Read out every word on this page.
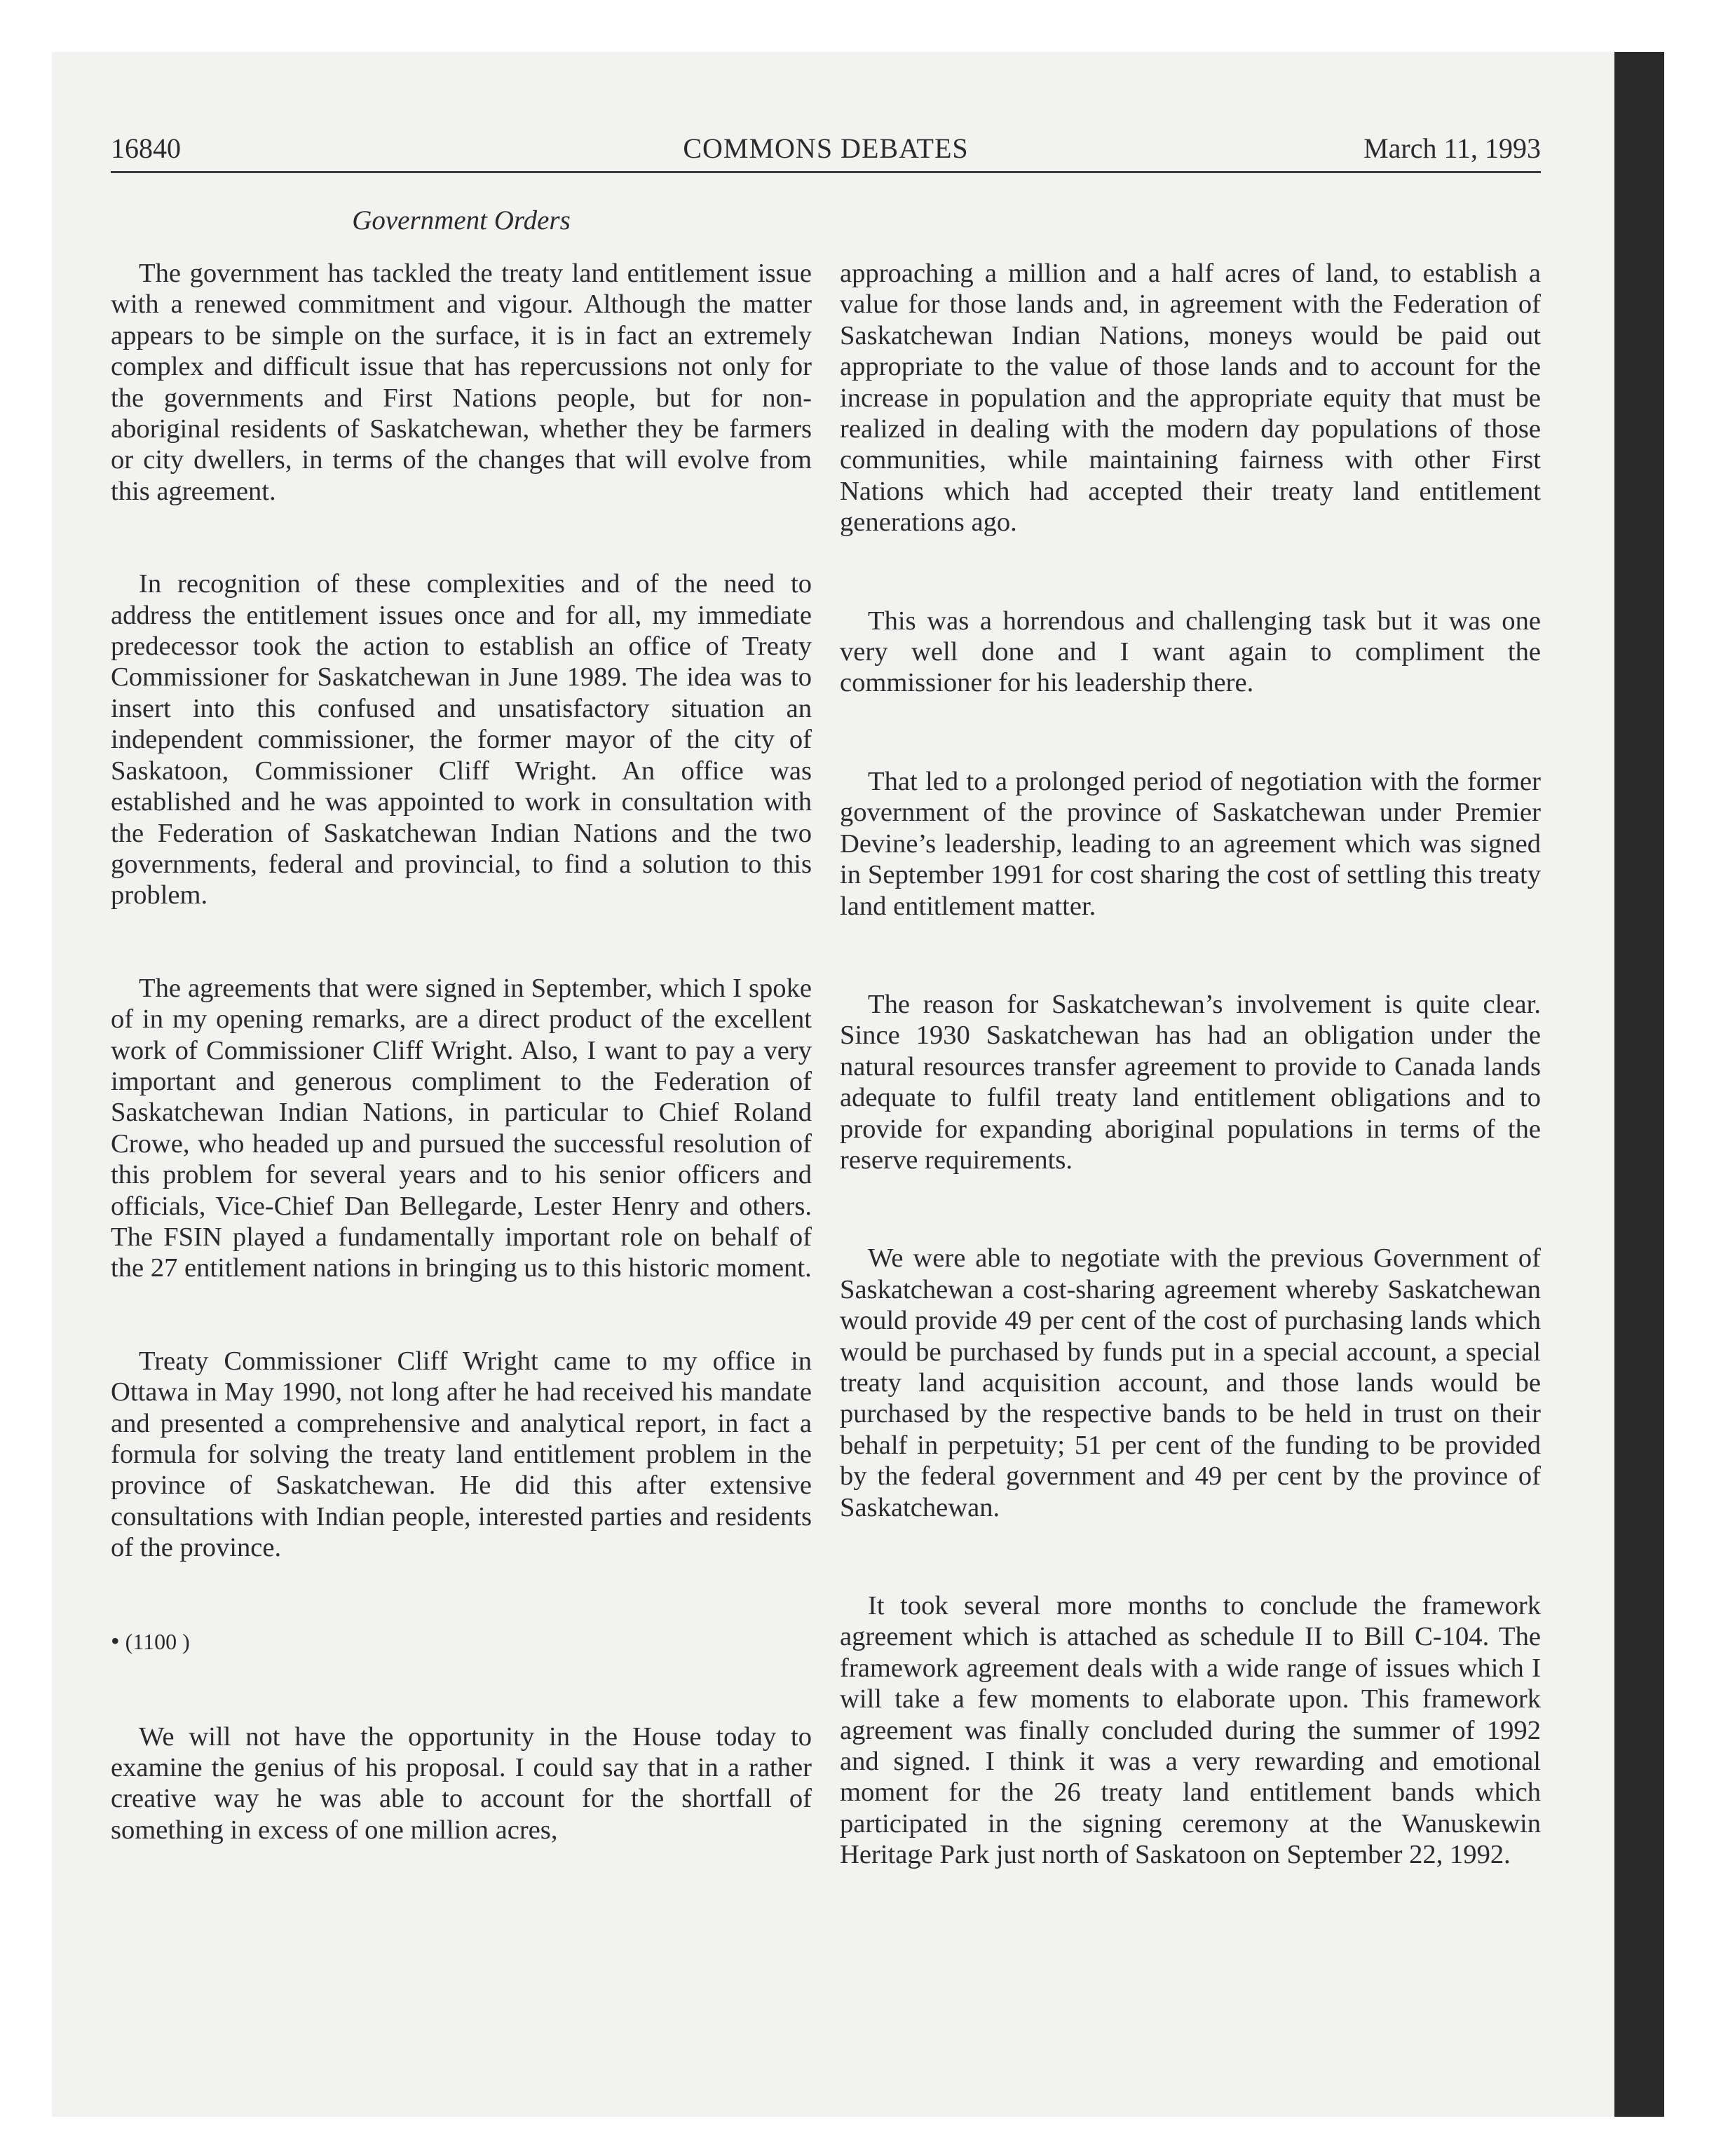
16840	COMMONS DEBATES	March 11, 1993
Government Orders

The government has tackled the treaty land entitlement issue with a renewed commitment and vigour. Although the matter appears to be simple on the surface, it is in fact an extremely complex and difficult issue that has repercussions not only for the governments and First Nations people, but for non-aboriginal residents of Saskatchewan, whether they be farmers or city dwellers, in terms of the changes that will evolve from this agreement.

In recognition of these complexities and of the need to address the entitlement issues once and for all, my immediate predecessor took the action to establish an office of Treaty Commissioner for Saskatchewan in June 1989. The idea was to insert into this confused and unsatisfactory situation an independent commissioner, the former mayor of the city of Saskatoon, Commissioner Cliff Wright. An office was established and he was appointed to work in consultation with the Federation of Saskatchewan Indian Nations and the two governments, federal and provincial, to find a solution to this problem.

The agreements that were signed in September, which I spoke of in my opening remarks, are a direct product of the excellent work of Commissioner Cliff Wright. Also, I want to pay a very important and generous compliment to the Federation of Saskatchewan Indian Nations, in particular to Chief Roland Crowe, who headed up and pursued the successful resolution of this problem for several years and to his senior officers and officials, Vice-Chief Dan Bellegarde, Lester Henry and others. The FSIN played a fundamentally important role on behalf of the 27 entitlement nations in bringing us to this historic moment.

Treaty Commissioner Cliff Wright came to my office in Ottawa in May 1990, not long after he had received his mandate and presented a comprehensive and analytical report, in fact a formula for solving the treaty land entitlement problem in the province of Saskatchewan. He did this after extensive consultations with Indian people, interested parties and residents of the province.

• (1100 )

We will not have the opportunity in the House today to examine the genius of his proposal. I could say that in a rather creative way he was able to account for the shortfall of something in excess of one million acres,

approaching a million and a half acres of land, to establish a value for those lands and, in agreement with the Federation of Saskatchewan Indian Nations, moneys would be paid out appropriate to the value of those lands and to account for the increase in population and the appropriate equity that must be realized in dealing with the modern day populations of those communities, while maintaining fairness with other First Nations which had accepted their treaty land entitlement generations ago.

This was a horrendous and challenging task but it was one very well done and I want again to compliment the commissioner for his leadership there.

That led to a prolonged period of negotiation with the former government of the province of Saskatchewan under Premier Devine’s leadership, leading to an agreement which was signed in September 1991 for cost sharing the cost of settling this treaty land entitlement matter.

The reason for Saskatchewan’s involvement is quite clear. Since 1930 Saskatchewan has had an obligation under the natural resources transfer agreement to provide to Canada lands adequate to fulfil treaty land entitlement obligations and to provide for expanding aboriginal populations in terms of the reserve requirements.

We were able to negotiate with the previous Government of Saskatchewan a cost-sharing agreement whereby Saskatchewan would provide 49 per cent of the cost of purchasing lands which would be purchased by funds put in a special account, a special treaty land acquisition account, and those lands would be purchased by the respective bands to be held in trust on their behalf in perpetuity; 51 per cent of the funding to be provided by the federal government and 49 per cent by the province of Saskatchewan.

It took several more months to conclude the framework agreement which is attached as schedule II to Bill C-104. The framework agreement deals with a wide range of issues which I will take a few moments to elaborate upon. This framework agreement was finally concluded during the summer of 1992 and signed. I think it was a very rewarding and emotional moment for the 26 treaty land entitlement bands which participated in the signing ceremony at the Wanuskewin Heritage Park just north of Saskatoon on September 22, 1992.
